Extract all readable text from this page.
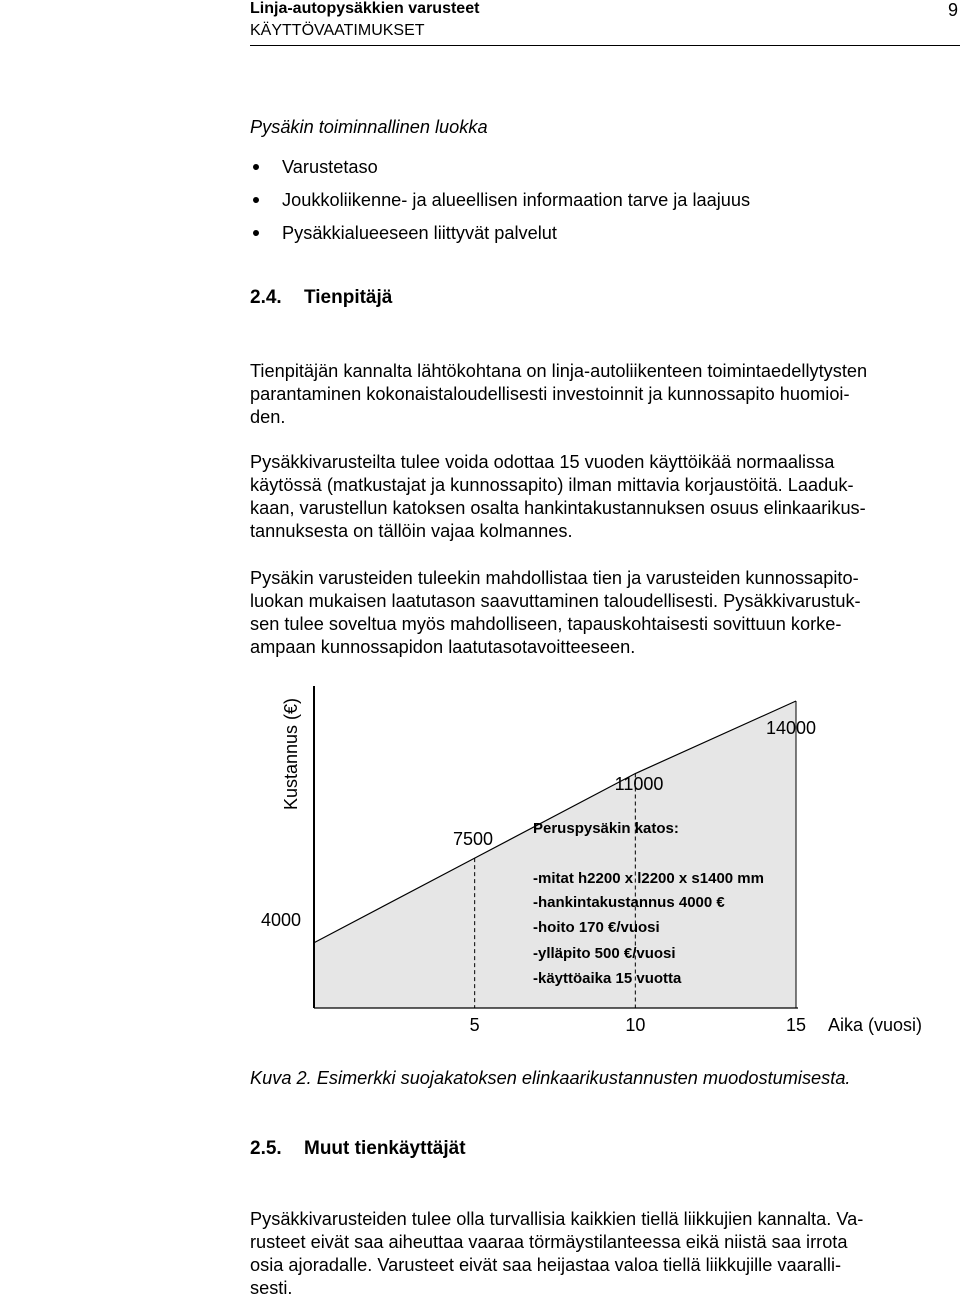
Linja-autopysäkkien varusteet
KÄYTTÖVAATIMUKSET
9
Pysäkin toiminnallinen luokka
Varustetaso
Joukkoliikenne- ja alueellisen informaation tarve ja laajuus
Pysäkkialueeseen liittyvät palvelut
2.4. Tienpitäjä
Tienpitäjän kannalta lähtökohtana on linja-autoliikenteen toimintaedellytysten
parantaminen kokonaistaloudellisesti investoinnit ja kunnossapito huomioi-
den.
Pysäkkivarusteilta tulee voida odottaa 15 vuoden käyttöikää normaalissa
käytössä (matkustajat ja kunnossapito) ilman mittavia korjaustöitä. Laaduk-
kaan, varustellun katoksen osalta hankintakustannuksen osuus elinkaarikus-
tannuksesta on tällöin vajaa kolmannes.
Pysäkin varusteiden tuleekin mahdollistaa tien ja varusteiden kunnossapito-
luokan mukaisen laatutason saavuttaminen taloudellisesti. Pysäkkivarustuk-
sen tulee soveltua myös mahdolliseen, tapauskohtaisesti sovittuun korke-
ampaan kunnossapidon laatutasotavoitteeseen.
2.5. Muut tienkäyttäjät
Pysäkkivarusteiden tulee olla turvallisia kaikkien tiellä liikkujien kannalta. Va-
rusteet eivät saa aiheuttaa vaaraa törmäystilanteessa eikä niistä saa irrota
osia ajoradalle. Varusteet eivät saa heijastaa valoa tiellä liikkujille vaaralli-
sesti.
Kustannus (€)
4000
7500
11000
14000
5	10	15 Aika (vuosi)
Peruspysäkin katos:
-mitat h2200 x l2200 x s1400 mm
-hankintakustannus 4000 €
-hoito 170 €/vuosi
-ylläpito 500 €/vuosi
-käyttöaika 15 vuotta
Kuva 2. Esimerkki suojakatoksen elinkaarikustannusten muodostumisesta.
